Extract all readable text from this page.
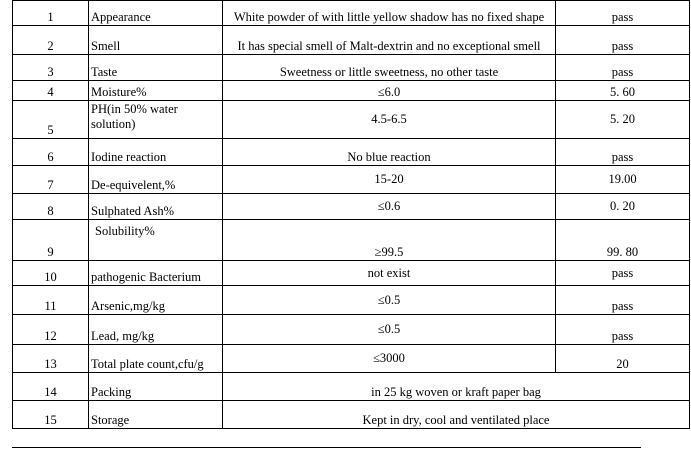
1	Appearance	White powder of with little yellow shadow has no fixed shape	pass
2	Smell	It has special smell of Malt-dextrin and no exceptional smell	pass
3	Taste	Sweetness or little sweetness, no other taste	pass
4	Moisture%	≤6.0	5. 60
5	PH(in 50% water solution)	4.5-6.5	5. 20
6	Iodine reaction	No blue reaction	pass
7	De-equivelent,%	15-20	19.00
8	Sulphated Ash%	≤0.6	0. 20
9	Solubility%	≥99.5	99. 80
10	pathogenic Bacterium	not exist	pass
11	Arsenic,mg/kg	≤0.5	pass
12	Lead, mg/kg	≤0.5	pass
13	Total plate count,cfu/g	≤3000	20
14	Packing	in 25 kg woven or kraft paper bag	
15	Storage	Kept in dry, cool and ventilated place	
